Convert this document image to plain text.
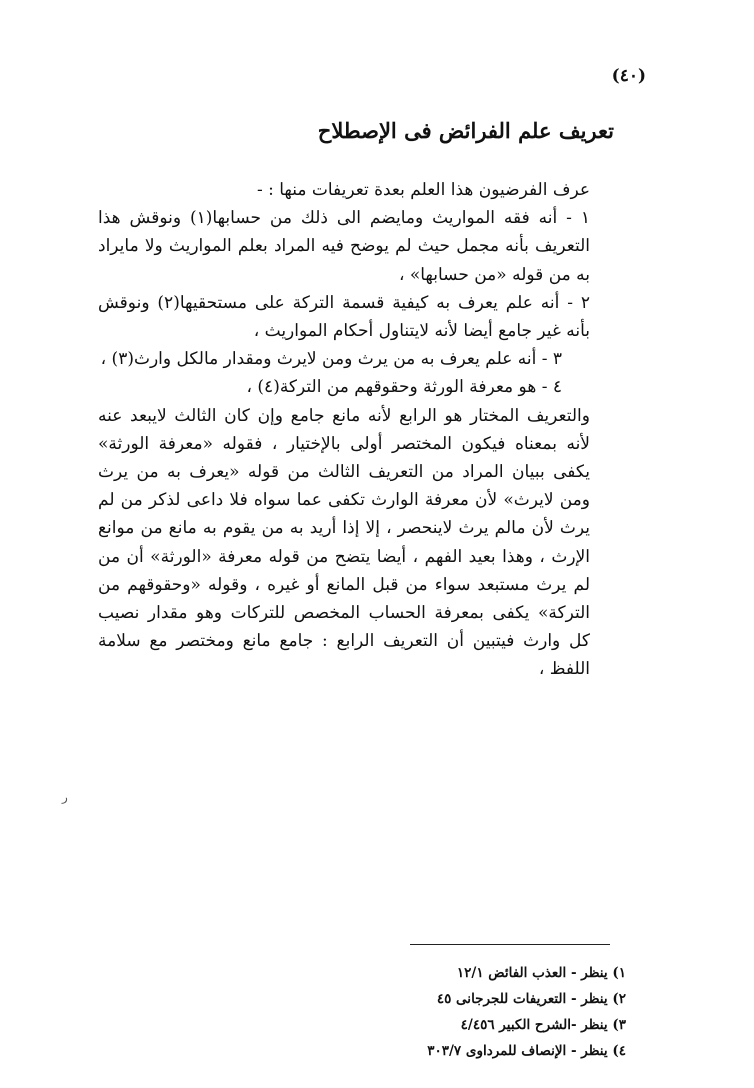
(٤٠)
تعريف علم الفرائض فى الإصطلاح

عرف الفرضيون هذا العلم بعدة تعريفات منها : -

١ - أنه فقه المواريث ومايضم الى ذلك من حسابها(١) ونوقش هذا التعريف بأنه مجمل حيث لم يوضح فيه المراد بعلم المواريث ولا مايراد به من قوله «من حسابها» ،

٢ - أنه علم يعرف به كيفية قسمة التركة على مستحقيها(٢) ونوقش بأنه غير جامع أيضا لأنه لايتناول أحكام المواريث ،

٣ - أنه علم يعرف به من يرث ومن لايرث ومقدار مالكل وارث(٣) ،

٤ - هو معرفة الورثة وحقوقهم من التركة(٤) ،

والتعريف المختار هو الرابع لأنه مانع جامع وإن كان الثالث لايبعد عنه لأنه بمعناه فيكون المختصر أولى بالإختيار ، فقوله «معرفة الورثة» يكفى ببيان المراد من التعريف الثالث من قوله «يعرف به من يرث ومن لايرث» لأن معرفة الوارث تكفى عما سواه فلا داعى لذكر من لم يرث لأن مالم يرث لاينحصر ، إلا إذا أريد به من يقوم به مانع من موانع الإرث ، وهذا بعيد الفهم ، أيضا يتضح من قوله معرفة «الورثة» أن من لم يرث مستبعد سواء من قبل المانع أو غيره ، وقوله «وحقوقهم من التركة» يكفى بمعرفة الحساب المخصص للتركات وهو مقدار نصيب كل وارث فيتبين أن التعريف الرابع : جامع مانع ومختصر مع سلامة اللفظ ،

ﺭ
١) ينظر - العذب الفائض ١٢/١
٢) ينظر - التعريفات للجرجانى ٤٥
٣) ينظر -الشرح الكبير ٤/٤٥٦
٤) ينظر - الإنصاف للمرداوى ٣٠٣/٧
